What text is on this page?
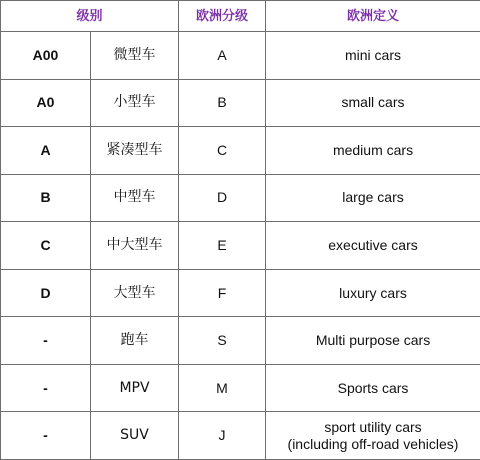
级别		欧洲分级	欧洲定义
A00	微型车	A	mini cars

A0	小型车	B	small cars

A	紧凑型车	C	medium cars

B	中型车	D	large cars

C	中大型车	E	executive cars

D	大型车	F	luxury cars

-	跑车	S	Multi purpose cars

-	MPV	M	Sports cars

-	SUV	J	sport utility cars
(including off-road vehicles)
